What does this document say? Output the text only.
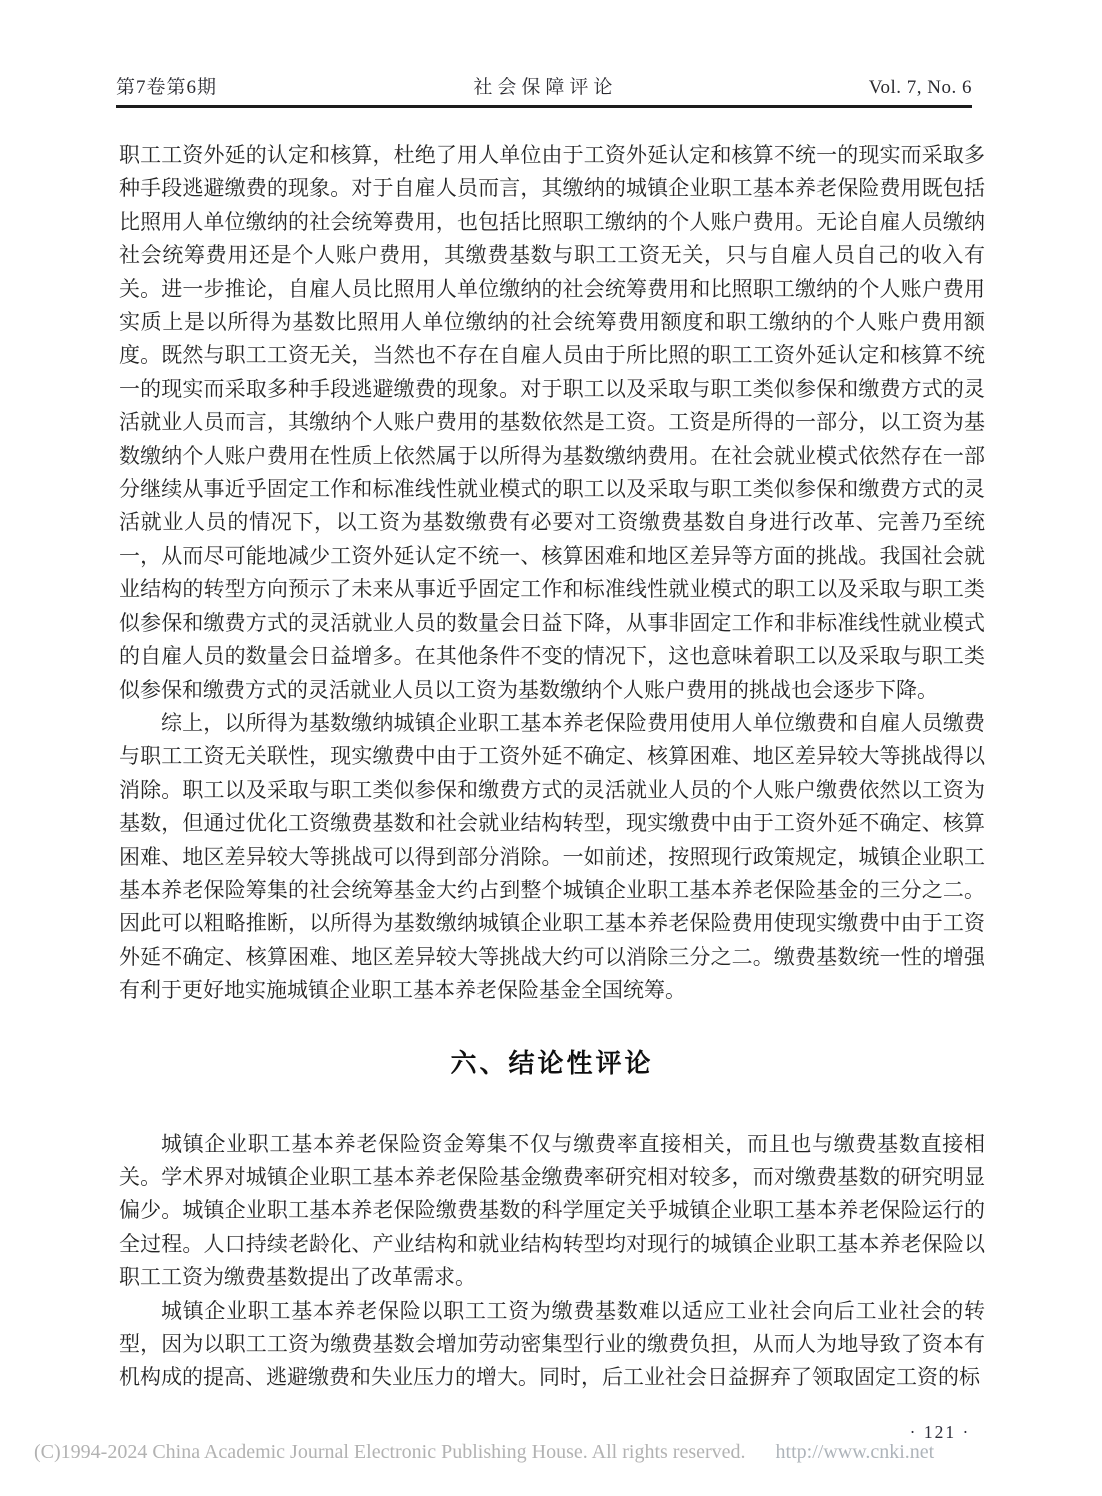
第7卷第6期	社会保障评论	Vol. 7, No. 6

职工工资外延的认定和核算，杜绝了用人单位由于工资外延认定和核算不统一的现实而采取多种手段逃避缴费的现象。对于自雇人员而言，其缴纳的城镇企业职工基本养老保险费用既包括比照用人单位缴纳的社会统筹费用，也包括比照职工缴纳的个人账户费用。无论自雇人员缴纳社会统筹费用还是个人账户费用，其缴费基数与职工工资无关，只与自雇人员自己的收入有关。进一步推论，自雇人员比照用人单位缴纳的社会统筹费用和比照职工缴纳的个人账户费用实质上是以所得为基数比照用人单位缴纳的社会统筹费用额度和职工缴纳的个人账户费用额度。既然与职工工资无关，当然也不存在自雇人员由于所比照的职工工资外延认定和核算不统一的现实而采取多种手段逃避缴费的现象。对于职工以及采取与职工类似参保和缴费方式的灵活就业人员而言，其缴纳个人账户费用的基数依然是工资。工资是所得的一部分，以工资为基数缴纳个人账户费用在性质上依然属于以所得为基数缴纳费用。在社会就业模式依然存在一部分继续从事近乎固定工作和标准线性就业模式的职工以及采取与职工类似参保和缴费方式的灵活就业人员的情况下，以工资为基数缴费有必要对工资缴费基数自身进行改革、完善乃至统一，从而尽可能地减少工资外延认定不统一、核算困难和地区差异等方面的挑战。我国社会就业结构的转型方向预示了未来从事近乎固定工作和标准线性就业模式的职工以及采取与职工类似参保和缴费方式的灵活就业人员的数量会日益下降，从事非固定工作和非标准线性就业模式的自雇人员的数量会日益增多。在其他条件不变的情况下，这也意味着职工以及采取与职工类似参保和缴费方式的灵活就业人员以工资为基数缴纳个人账户费用的挑战也会逐步下降。

综上，以所得为基数缴纳城镇企业职工基本养老保险费用使用人单位缴费和自雇人员缴费与职工工资无关联性，现实缴费中由于工资外延不确定、核算困难、地区差异较大等挑战得以消除。职工以及采取与职工类似参保和缴费方式的灵活就业人员的个人账户缴费依然以工资为基数，但通过优化工资缴费基数和社会就业结构转型，现实缴费中由于工资外延不确定、核算困难、地区差异较大等挑战可以得到部分消除。一如前述，按照现行政策规定，城镇企业职工基本养老保险筹集的社会统筹基金大约占到整个城镇企业职工基本养老保险基金的三分之二。因此可以粗略推断，以所得为基数缴纳城镇企业职工基本养老保险费用使现实缴费中由于工资外延不确定、核算困难、地区差异较大等挑战大约可以消除三分之二。缴费基数统一性的增强有利于更好地实施城镇企业职工基本养老保险基金全国统筹。

六、结论性评论

城镇企业职工基本养老保险资金筹集不仅与缴费率直接相关，而且也与缴费基数直接相关。学术界对城镇企业职工基本养老保险基金缴费率研究相对较多，而对缴费基数的研究明显偏少。城镇企业职工基本养老保险缴费基数的科学厘定关乎城镇企业职工基本养老保险运行的全过程。人口持续老龄化、产业结构和就业结构转型均对现行的城镇企业职工基本养老保险以职工工资为缴费基数提出了改革需求。

城镇企业职工基本养老保险以职工工资为缴费基数难以适应工业社会向后工业社会的转型，因为以职工工资为缴费基数会增加劳动密集型行业的缴费负担，从而人为地导致了资本有机构成的提高、逃避缴费和失业压力的增大。同时，后工业社会日益摒弃了领取固定工资的标

· 121 ·
(C)1994-2024 China Academic Journal Electronic Publishing House. All rights reserved. http://www.cnki.net
